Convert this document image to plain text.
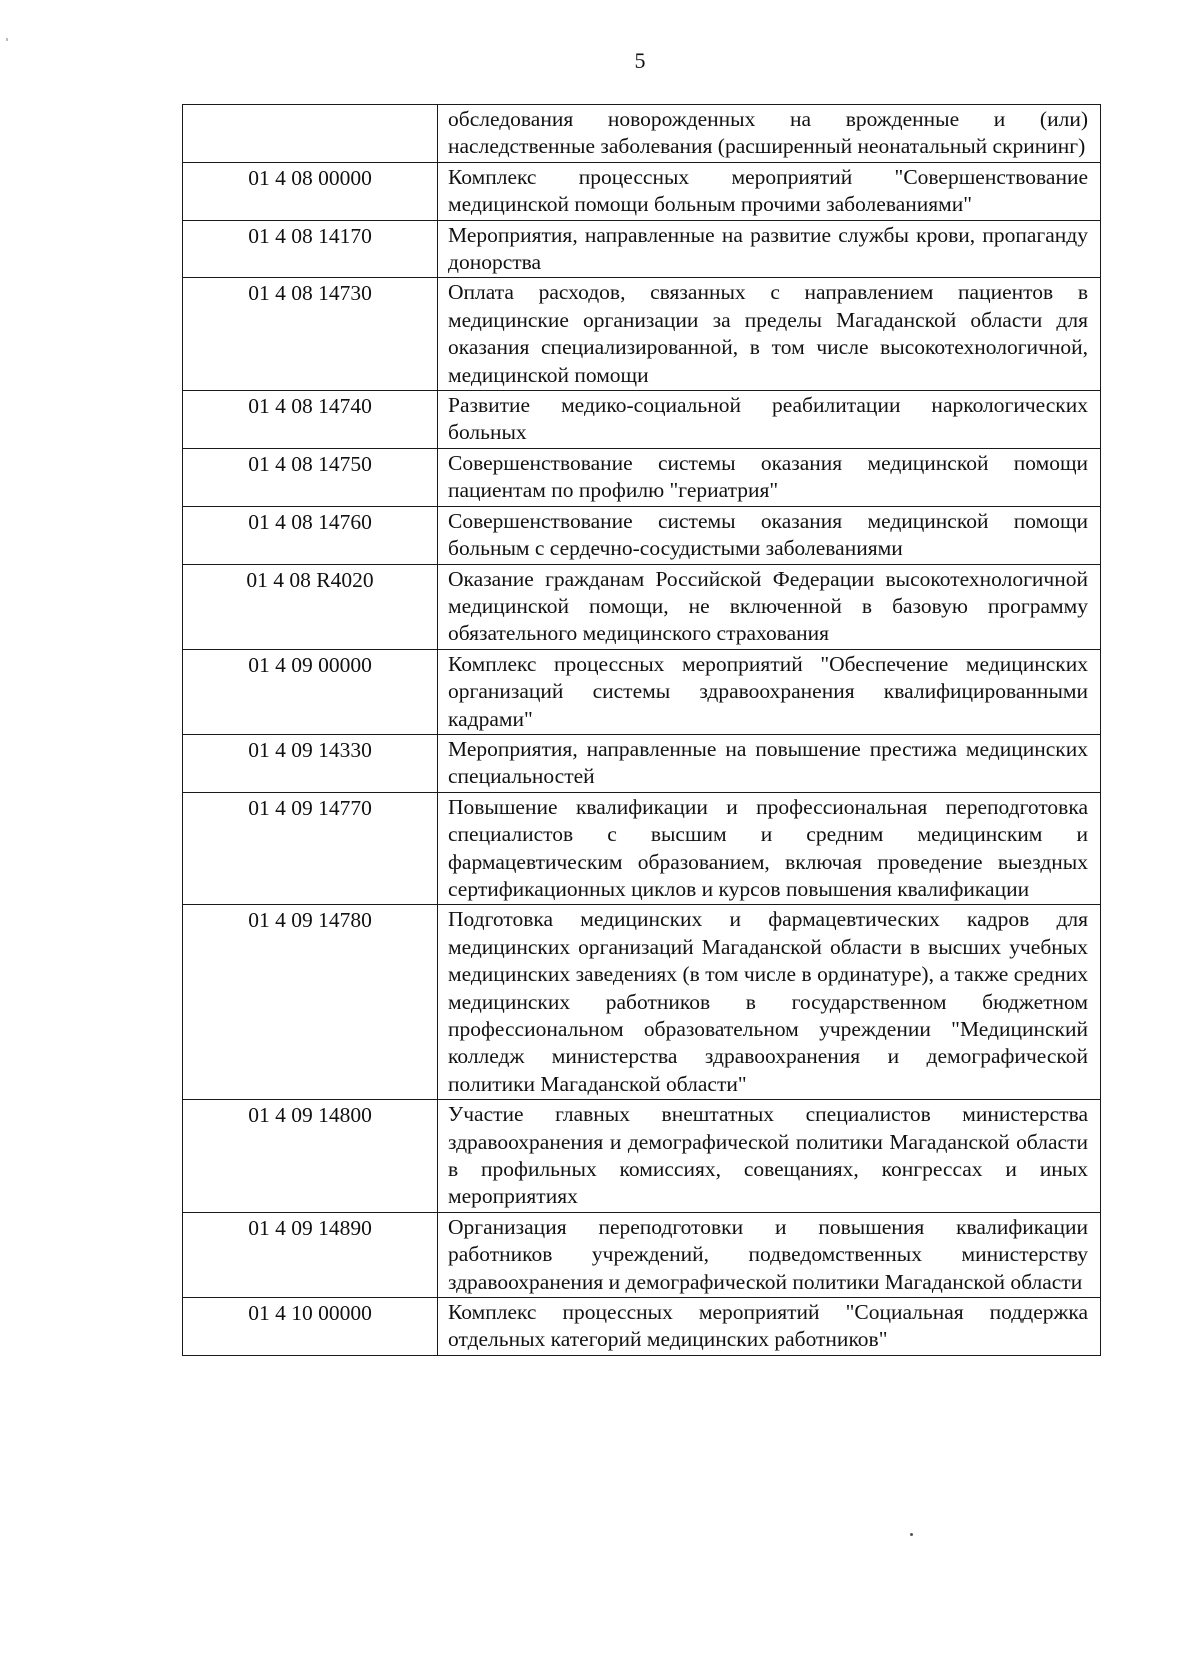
5
	обследования новорожденных на врожденные и (или) наследственные заболевания (расширенный неонатальный скрининг)
01 4 08 00000	Комплекс процессных мероприятий "Совершенствование медицинской помощи больным прочими заболеваниями"
01 4 08 14170	Мероприятия, направленные на развитие службы крови, пропаганду донорства
01 4 08 14730	Оплата расходов, связанных с направлением пациентов в медицинские организации за пределы Магаданской области для оказания специализированной, в том числе высокотехнологичной, медицинской помощи
01 4 08 14740	Развитие медико-социальной реабилитации наркологических больных
01 4 08 14750	Совершенствование системы оказания медицинской помощи пациентам по профилю "гериатрия"
01 4 08 14760	Совершенствование системы оказания медицинской помощи больным с сердечно-сосудистыми заболеваниями
01 4 08 R4020	Оказание гражданам Российской Федерации высокотехнологичной медицинской помощи, не включенной в базовую программу обязательного медицинского страхования
01 4 09 00000	Комплекс процессных мероприятий "Обеспечение медицинских организаций системы здравоохранения квалифицированными кадрами"
01 4 09 14330	Мероприятия, направленные на повышение престижа медицинских специальностей
01 4 09 14770	Повышение квалификации и профессиональная переподготовка специалистов с высшим и средним медицинским и фармацевтическим образованием, включая проведение выездных сертификационных циклов и курсов повышения квалификации
01 4 09 14780	Подготовка медицинских и фармацевтических кадров для медицинских организаций Магаданской области в высших учебных медицинских заведениях (в том числе в ординатуре), а также средних медицинских работников в государственном бюджетном профессиональном образовательном учреждении "Медицинский колледж министерства здравоохранения и демографической политики Магаданской области"
01 4 09 14800	Участие главных внештатных специалистов министерства здравоохранения и демографической политики Магаданской области в профильных комиссиях, совещаниях, конгрессах и иных мероприятиях
01 4 09 14890	Организация переподготовки и повышения квалификации работников учреждений, подведомственных министерству здравоохранения и демографической политики Магаданской области
01 4 10 00000	Комплекс процессных мероприятий "Социальная поддержка отдельных категорий медицинских работников"
